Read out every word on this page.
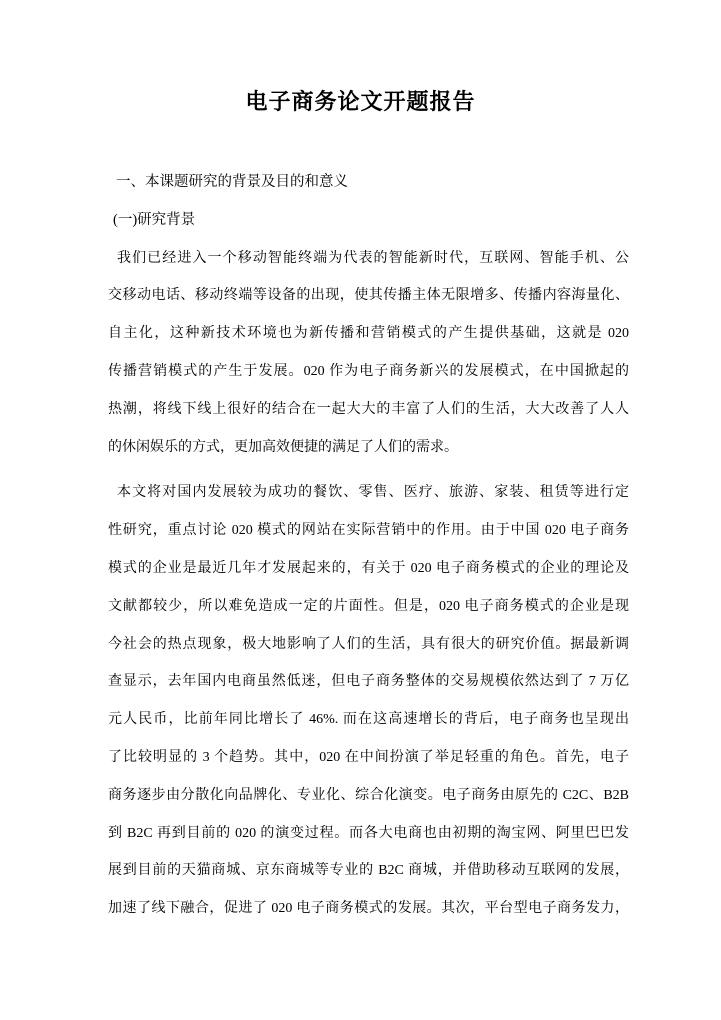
电子商务论文开题报告
一、本课题研究的背景及目的和意义
(一)研究背景
我们已经进入一个移动智能终端为代表的智能新时代，互联网、智能手机、公
交移动电话、移动终端等设备的出现，使其传播主体无限增多、传播内容海量化、
自主化，这种新技术环境也为新传播和营销模式的产生提供基础，这就是 020
传播营销模式的产生于发展。020 作为电子商务新兴的发展模式，在中国掀起的
热潮，将线下线上很好的结合在一起大大的丰富了人们的生活，大大改善了人人
的休闲娱乐的方式，更加高效便捷的满足了人们的需求。
本文将对国内发展较为成功的餐饮、零售、医疗、旅游、家装、租赁等进行定
性研究，重点讨论 020 模式的网站在实际营销中的作用。由于中国 020 电子商务
模式的企业是最近几年才发展起来的，有关于 020 电子商务模式的企业的理论及
文献都较少，所以难免造成一定的片面性。但是，020 电子商务模式的企业是现
今社会的热点现象，极大地影响了人们的生活，具有很大的研究价值。据最新调
查显示，去年国内电商虽然低迷，但电子商务整体的交易规模依然达到了 7 万亿
元人民币，比前年同比增长了 46%. 而在这高速增长的背后，电子商务也呈现出
了比较明显的 3 个趋势。其中，020 在中间扮演了举足轻重的角色。首先，电子
商务逐步由分散化向品牌化、专业化、综合化演变。电子商务由原先的 C2C、B2B
到 B2C 再到目前的 020 的演变过程。而各大电商也由初期的淘宝网、阿里巴巴发
展到目前的天猫商城、京东商城等专业的 B2C 商城，并借助移动互联网的发展，
加速了线下融合，促进了 020 电子商务模式的发展。其次，平台型电子商务发力，
